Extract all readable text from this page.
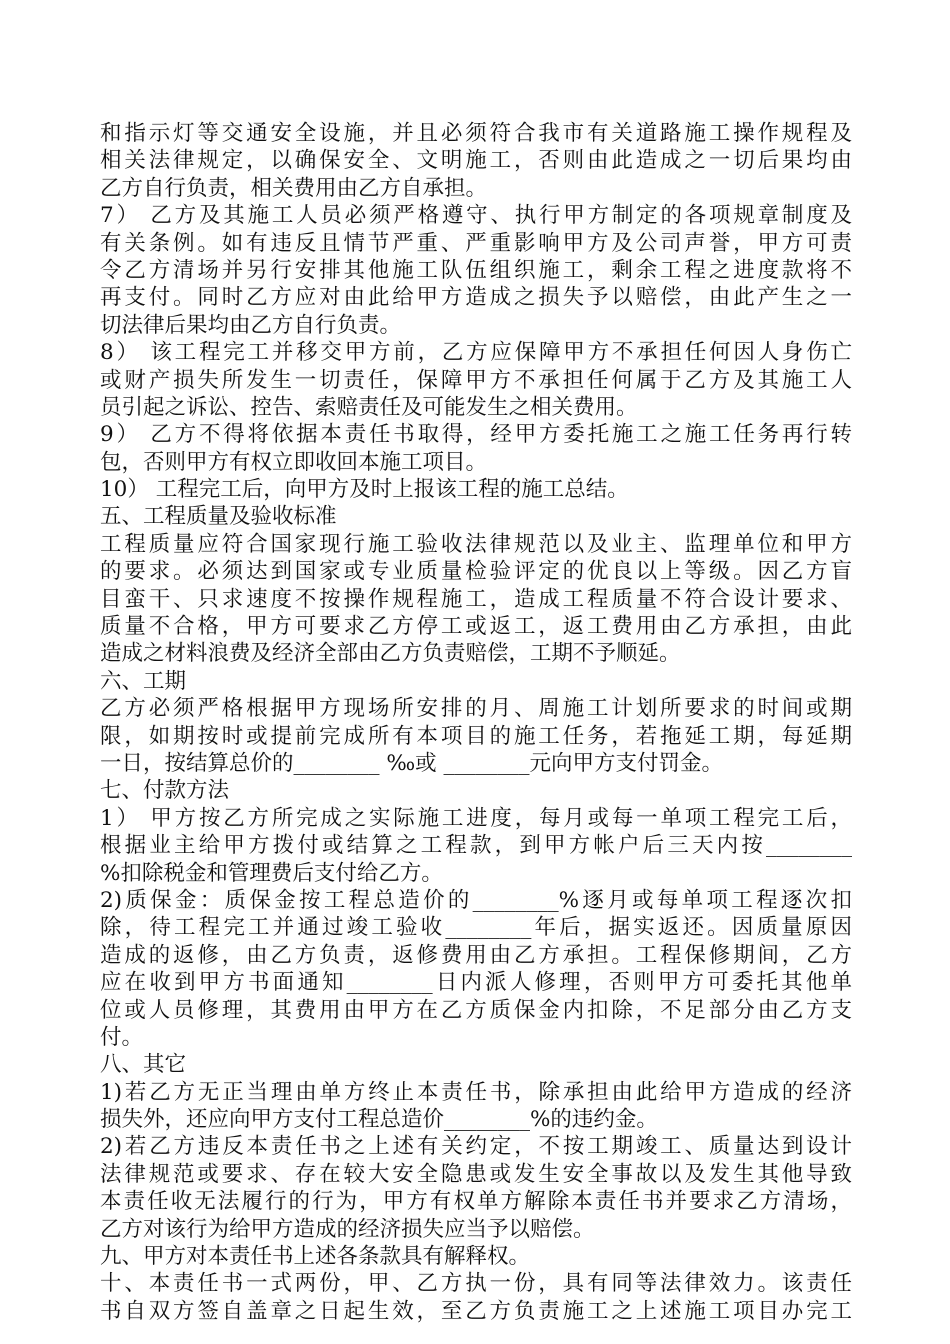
和指示灯等交通安全设施，并且必须符合我市有关道路施工操作规程及
相关法律规定，以确保安全、文明施工，否则由此造成之一切后果均由
乙方自行负责，相关费用由乙方自承担。
7） 乙方及其施工人员必须严格遵守、执行甲方制定的各项规章制度及
有关条例。如有违反且情节严重、严重影响甲方及公司声誉，甲方可责
令乙方清场并另行安排其他施工队伍组织施工，剩余工程之进度款将不
再支付。同时乙方应对由此给甲方造成之损失予以赔偿，由此产生之一
切法律后果均由乙方自行负责。
8） 该工程完工并移交甲方前，乙方应保障甲方不承担任何因人身伤亡
或财产损失所发生一切责任，保障甲方不承担任何属于乙方及其施工人
员引起之诉讼、控告、索赔责任及可能发生之相关费用。
9） 乙方不得将依据本责任书取得，经甲方委托施工之施工任务再行转
包，否则甲方有权立即收回本施工项目。
10） 工程完工后，向甲方及时上报该工程的施工总结。
五、工程质量及验收标准
工程质量应符合国家现行施工验收法律规范以及业主、监理单位和甲方
的要求。必须达到国家或专业质量检验评定的优良以上等级。因乙方盲
目蛮干、只求速度不按操作规程施工，造成工程质量不符合设计要求、
质量不合格，甲方可要求乙方停工或返工，返工费用由乙方承担，由此
造成之材料浪费及经济全部由乙方负责赔偿，工期不予顺延。
六、工期
乙方必须严格根据甲方现场所安排的月、周施工计划所要求的时间或期
限，如期按时或提前完成所有本项目的施工任务，若拖延工期，每延期
一日，按结算总价的________ ‰或 ________元向甲方支付罚金。
七、付款方法
1） 甲方按乙方所完成之实际施工进度，每月或每一单项工程完工后，
根据业主给甲方拨付或结算之工程款，到甲方帐户后三天内按________
%扣除税金和管理费后支付给乙方。
2)质保金：质保金按工程总造价的________%逐月或每单项工程逐次扣
除，待工程完工并通过竣工验收________年后，据实返还。因质量原因
造成的返修，由乙方负责，返修费用由乙方承担。工程保修期间，乙方
应在收到甲方书面通知________日内派人修理，否则甲方可委托其他单
位或人员修理，其费用由甲方在乙方质保金内扣除，不足部分由乙方支
付。
八、其它
1)若乙方无正当理由单方终止本责任书，除承担由此给甲方造成的经济
损失外，还应向甲方支付工程总造价________%的违约金。
2)若乙方违反本责任书之上述有关约定，不按工期竣工、质量达到设计
法律规范或要求、存在较大安全隐患或发生安全事故以及发生其他导致
本责任收无法履行的行为，甲方有权单方解除本责任书并要求乙方清场，
乙方对该行为给甲方造成的经济损失应当予以赔偿。
九、甲方对本责任书上述各条款具有解释权。
十、本责任书一式两份，甲、乙方执一份，具有同等法律效力。该责任
书自双方签自盖章之日起生效，至乙方负责施工之上述施工项目办完工
